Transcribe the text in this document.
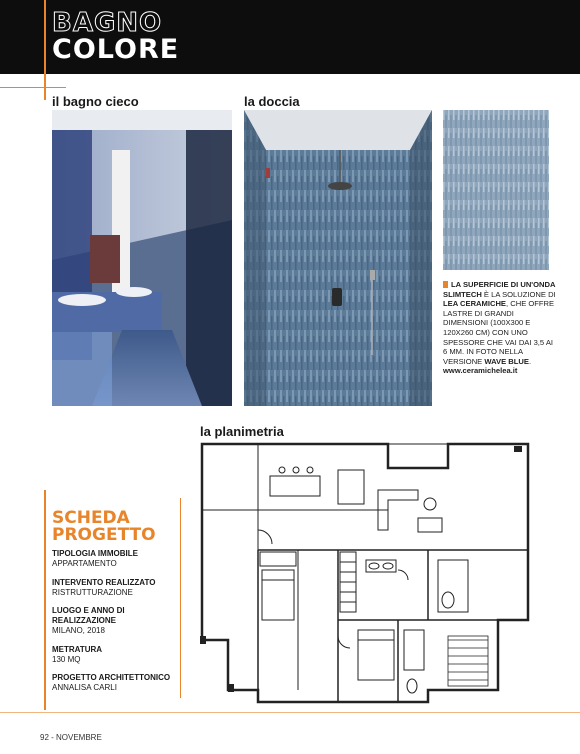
BAGNO
COLORE
il bagno cieco	la doccia
la planimetria
LA SUPERFICIE DI UN'ONDA SLIMTECH È LA SOLUZIONE DI LEA CERAMICHE, CHE OFFRE LASTRE DI GRANDI DIMENSIONI (100X300 E 120X260 CM) CON UNO SPESSORE CHE VAI DAI 3,5 AI 6 MM. IN FOTO NELLA VERSIONE WAVE BLUE.
www.ceramichelea.it
SCHEDA
PROGETTO
TIPOLOGIA IMMOBILE
APPARTAMENTO
INTERVENTO REALIZZATO
RISTRUTTURAZIONE
LUOGO E ANNO DI REALIZZAZIONE
MILANO, 2018
METRATURA
130 MQ
PROGETTO ARCHITETTONICO
ANNALISA CARLI
92 - NOVEMBRE
